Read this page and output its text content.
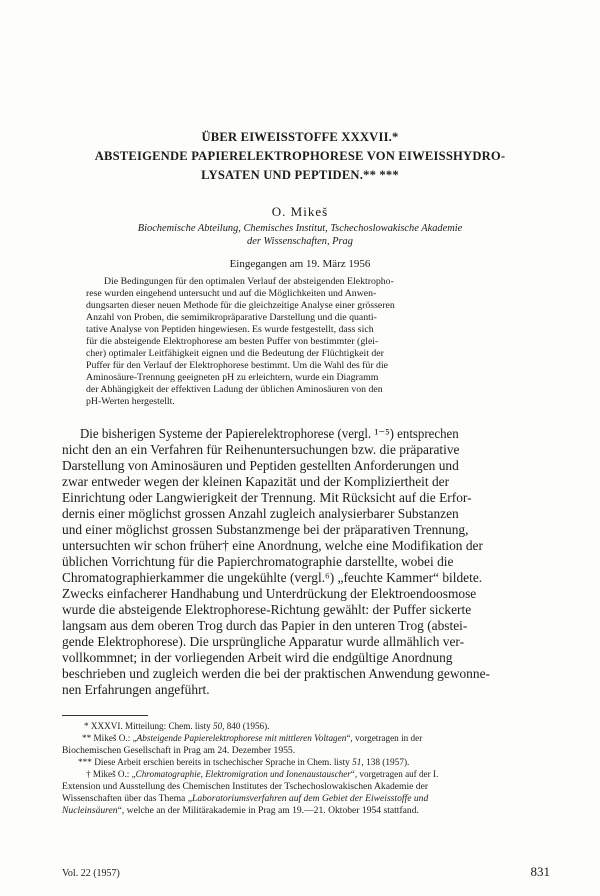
ÜBER EIWEISSTOFFE XXXVII.*
ABSTEIGENDE PAPIERELEKTROPHORESE VON EIWEISSHYDRO-
LYSATEN UND PEPTIDEN.** ***
O. Mikeš
Biochemische Abteilung, Chemisches Institut, Tschechoslowakische Akademie
der Wissenschaften, Prag
Eingegangen am 19. März 1956
Die Bedingungen für den optimalen Verlauf der absteigenden Elektropho-
rese wurden eingehend untersucht und auf die Möglichkeiten und Anwen-
dungsarten dieser neuen Methode für die gleichzeitige Analyse einer grösseren
Anzahl von Proben, die semimikropräparative Darstellung und die quanti-
tative Analyse von Peptiden hingewiesen. Es wurde festgestellt, dass sich
für die absteigende Elektrophorese am besten Puffer von bestimmter (glei-
cher) optimaler Leitfähigkeit eignen und die Bedeutung der Flüchtigkeit der
Puffer für den Verlauf der Elektrophorese bestimmt. Um die Wahl des für die
Aminosäure-Trennung geeigneten pH zu erleichtern, wurde ein Diagramm
der Abhängigkeit der effektiven Ladung der üblichen Aminosäuren von den
pH-Werten hergestellt.
Die bisherigen Systeme der Papierelektrophorese (vergl. ¹⁻⁵) entsprechen
nicht den an ein Verfahren für Reihenuntersuchungen bzw. die präparative
Darstellung von Aminosäuren und Peptiden gestellten Anforderungen und
zwar entweder wegen der kleinen Kapazität und der Kompliziertheit der
Einrichtung oder Langwierigkeit der Trennung. Mit Rücksicht auf die Erfor-
dernis einer möglichst grossen Anzahl zugleich analysierbarer Substanzen
und einer möglichst grossen Substanzmenge bei der präparativen Trennung,
untersuchten wir schon früher† eine Anordnung, welche eine Modifikation der
üblichen Vorrichtung für die Papierchromatographie darstellte, wobei die
Chromatographierkammer die ungekühlte (vergl.⁶) „feuchte Kammer“ bildete.
Zwecks einfacherer Handhabung und Unterdrückung der Elektroendoosmose
wurde die absteigende Elektrophorese-Richtung gewählt: der Puffer sickerte
langsam aus dem oberen Trog durch das Papier in den unteren Trog (abstei-
gende Elektrophorese). Die ursprüngliche Apparatur wurde allmählich ver-
vollkommnet; in der vorliegenden Arbeit wird die endgültige Anordnung
beschrieben und zugleich werden die bei der praktischen Anwendung gewonne-
nen Erfahrungen angeführt.
* XXXVI. Mitteilung: Chem. listy 50, 840 (1956).
** Mikeš O.: „Absteigende Papierelektrophorese mit mittleren Voltagen“, vorgetragen in der
Biochemischen Gesellschaft in Prag am 24. Dezember 1955.
*** Diese Arbeit erschien bereits in tschechischer Sprache in Chem. listy 51, 138 (1957).
† Mikeš O.: „Chromatographie, Elektromigration und Ionenaustauscher“, vorgetragen auf der I.
Extension und Ausstellung des Chemischen Institutes der Tschechoslowakischen Akademie der
Wissenschaften über das Thema „Laboratoriumsverfahren auf dem Gebiet der Eiweisstoffe und
Nucleinsäuren“, welche an der Militärakademie in Prag am 19.—21. Oktober 1954 stattfand.
Vol. 22 (1957)	831
